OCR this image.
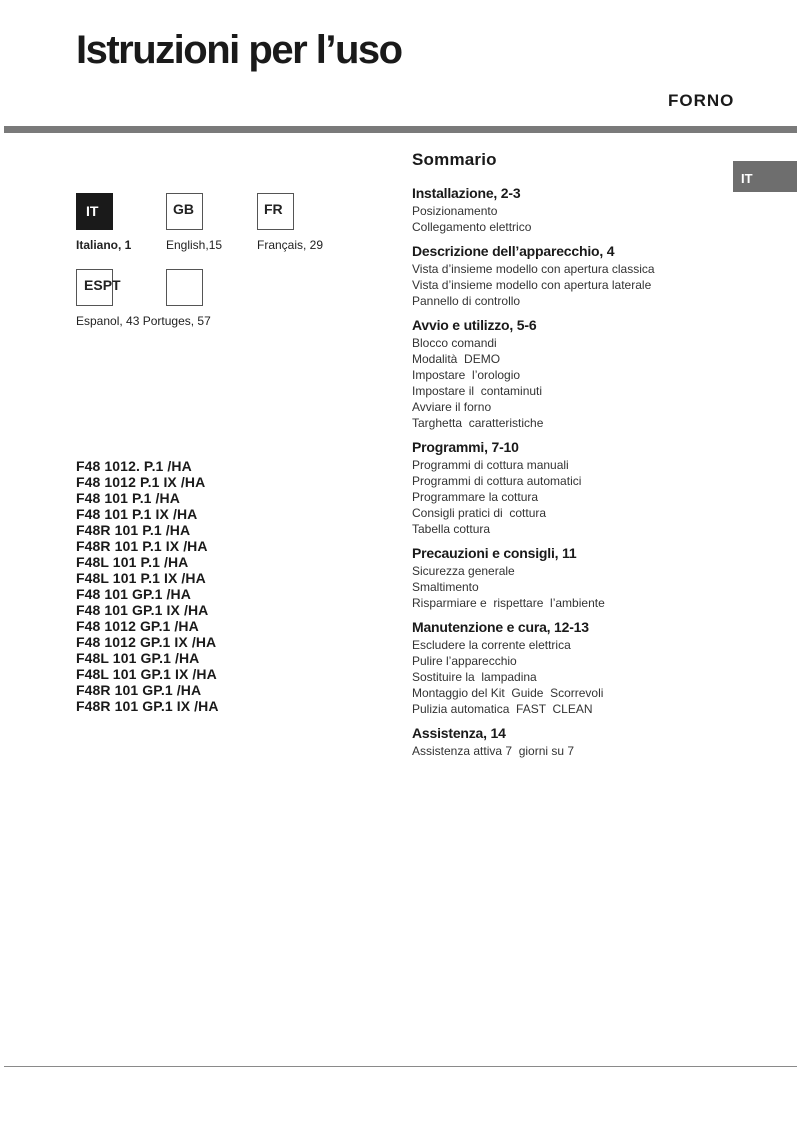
Istruzioni per l’uso
FORNO
IT
IT	GB	FR
Italiano, 1	English,15	Français, 29
ESPT
Espanol, 43 Portuges, 57
F48 1012. P.1 /HA
F48 1012 P.1 IX /HA
F48 101 P.1 /HA
F48 101 P.1 IX /HA
F48R 101 P.1 /HA
F48R 101 P.1 IX /HA
F48L 101 P.1 /HA
F48L 101 P.1 IX /HA
F48 101 GP.1 /HA
F48 101 GP.1 IX /HA
F48 1012 GP.1 /HA
F48 1012 GP.1 IX /HA
F48L 101 GP.1 /HA
F48L 101 GP.1 IX /HA
F48R 101 GP.1 /HA
F48R 101 GP.1 IX /HA
Sommario
Installazione, 2-3
Posizionamento
Collegamento elettrico
Descrizione dell’apparecchio, 4
Vista d’insieme modello con apertura classica
Vista d’insieme modello con apertura laterale
Pannello di controllo
Avvio e utilizzo, 5-6
Blocco comandi
Modalità  DEMO
Impostare  l’orologio
Impostare il  contaminuti
Avviare il forno
Targhetta  caratteristiche
Programmi, 7-10
Programmi di cottura manuali
Programmi di cottura automatici
Programmare la cottura
Consigli pratici di  cottura
Tabella cottura
Precauzioni e consigli, 11
Sicurezza generale
Smaltimento
Risparmiare e  rispettare  l’ambiente
Manutenzione e cura, 12-13
Escludere la corrente elettrica
Pulire l’apparecchio
Sostituire la  lampadina
Montaggio del Kit  Guide  Scorrevoli
Pulizia automatica  FAST  CLEAN
Assistenza, 14
Assistenza attiva 7  giorni su 7
